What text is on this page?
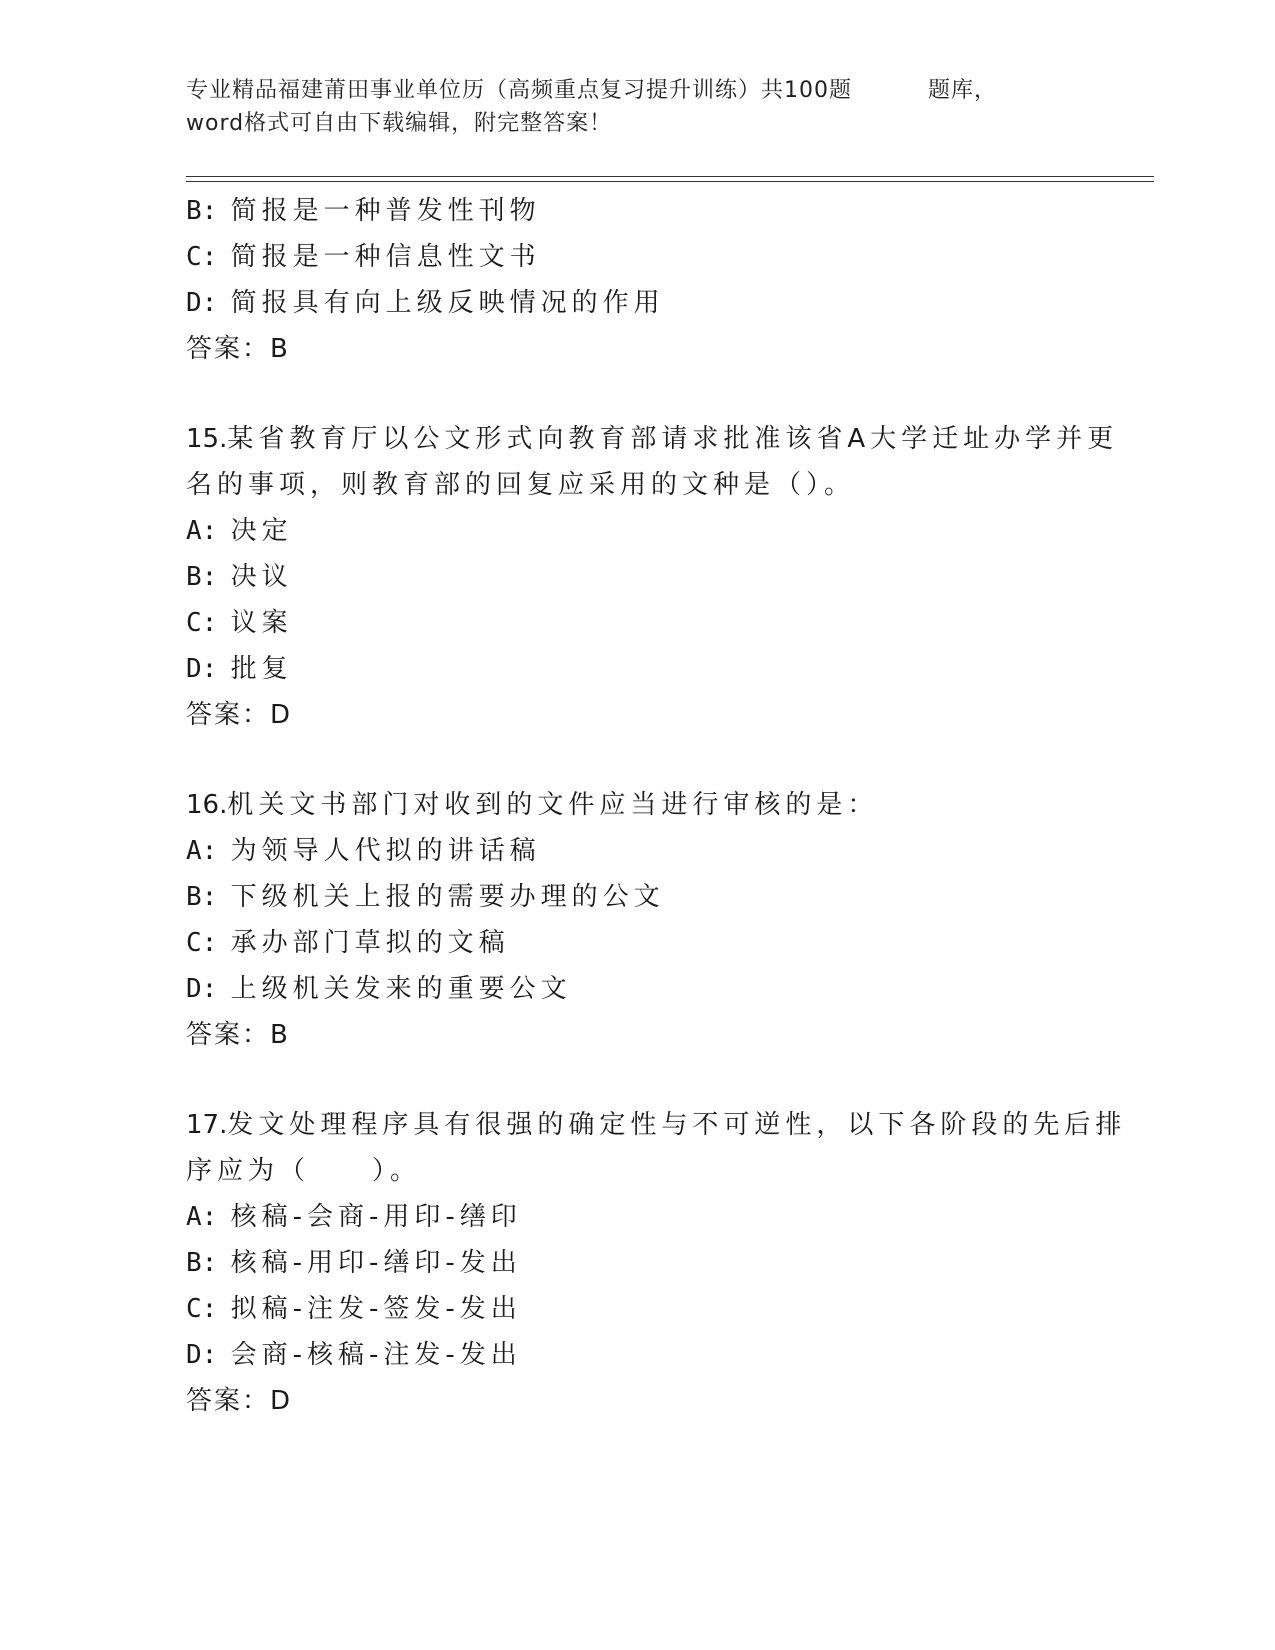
专业精品福建莆田事业单位历（高频重点复习提升训练）共100题	题库，
word格式可自由下载编辑，附完整答案！
B: 简报是一种普发性刊物
C: 简报是一种信息性文书
D: 简报具有向上级反映情况的作用
答案：B
15.某省教育厅以公文形式向教育部请求批准该省A大学迁址办学并更
名的事项，则教育部的回复应采用的文种是（）。
A: 决定
B: 决议
C: 议案
D: 批复
答案：D
16.机关文书部门对收到的文件应当进行审核的是：
A: 为领导人代拟的讲话稿
B: 下级机关上报的需要办理的公文
C: 承办部门草拟的文稿
D: 上级机关发来的重要公文
答案：B
17.发文处理程序具有很强的确定性与不可逆性，以下各阶段的先后排
序应为（　　）。
A: 核稿-会商-用印-缮印
B: 核稿-用印-缮印-发出
C: 拟稿-注发-签发-发出
D: 会商-核稿-注发-发出
答案：D
